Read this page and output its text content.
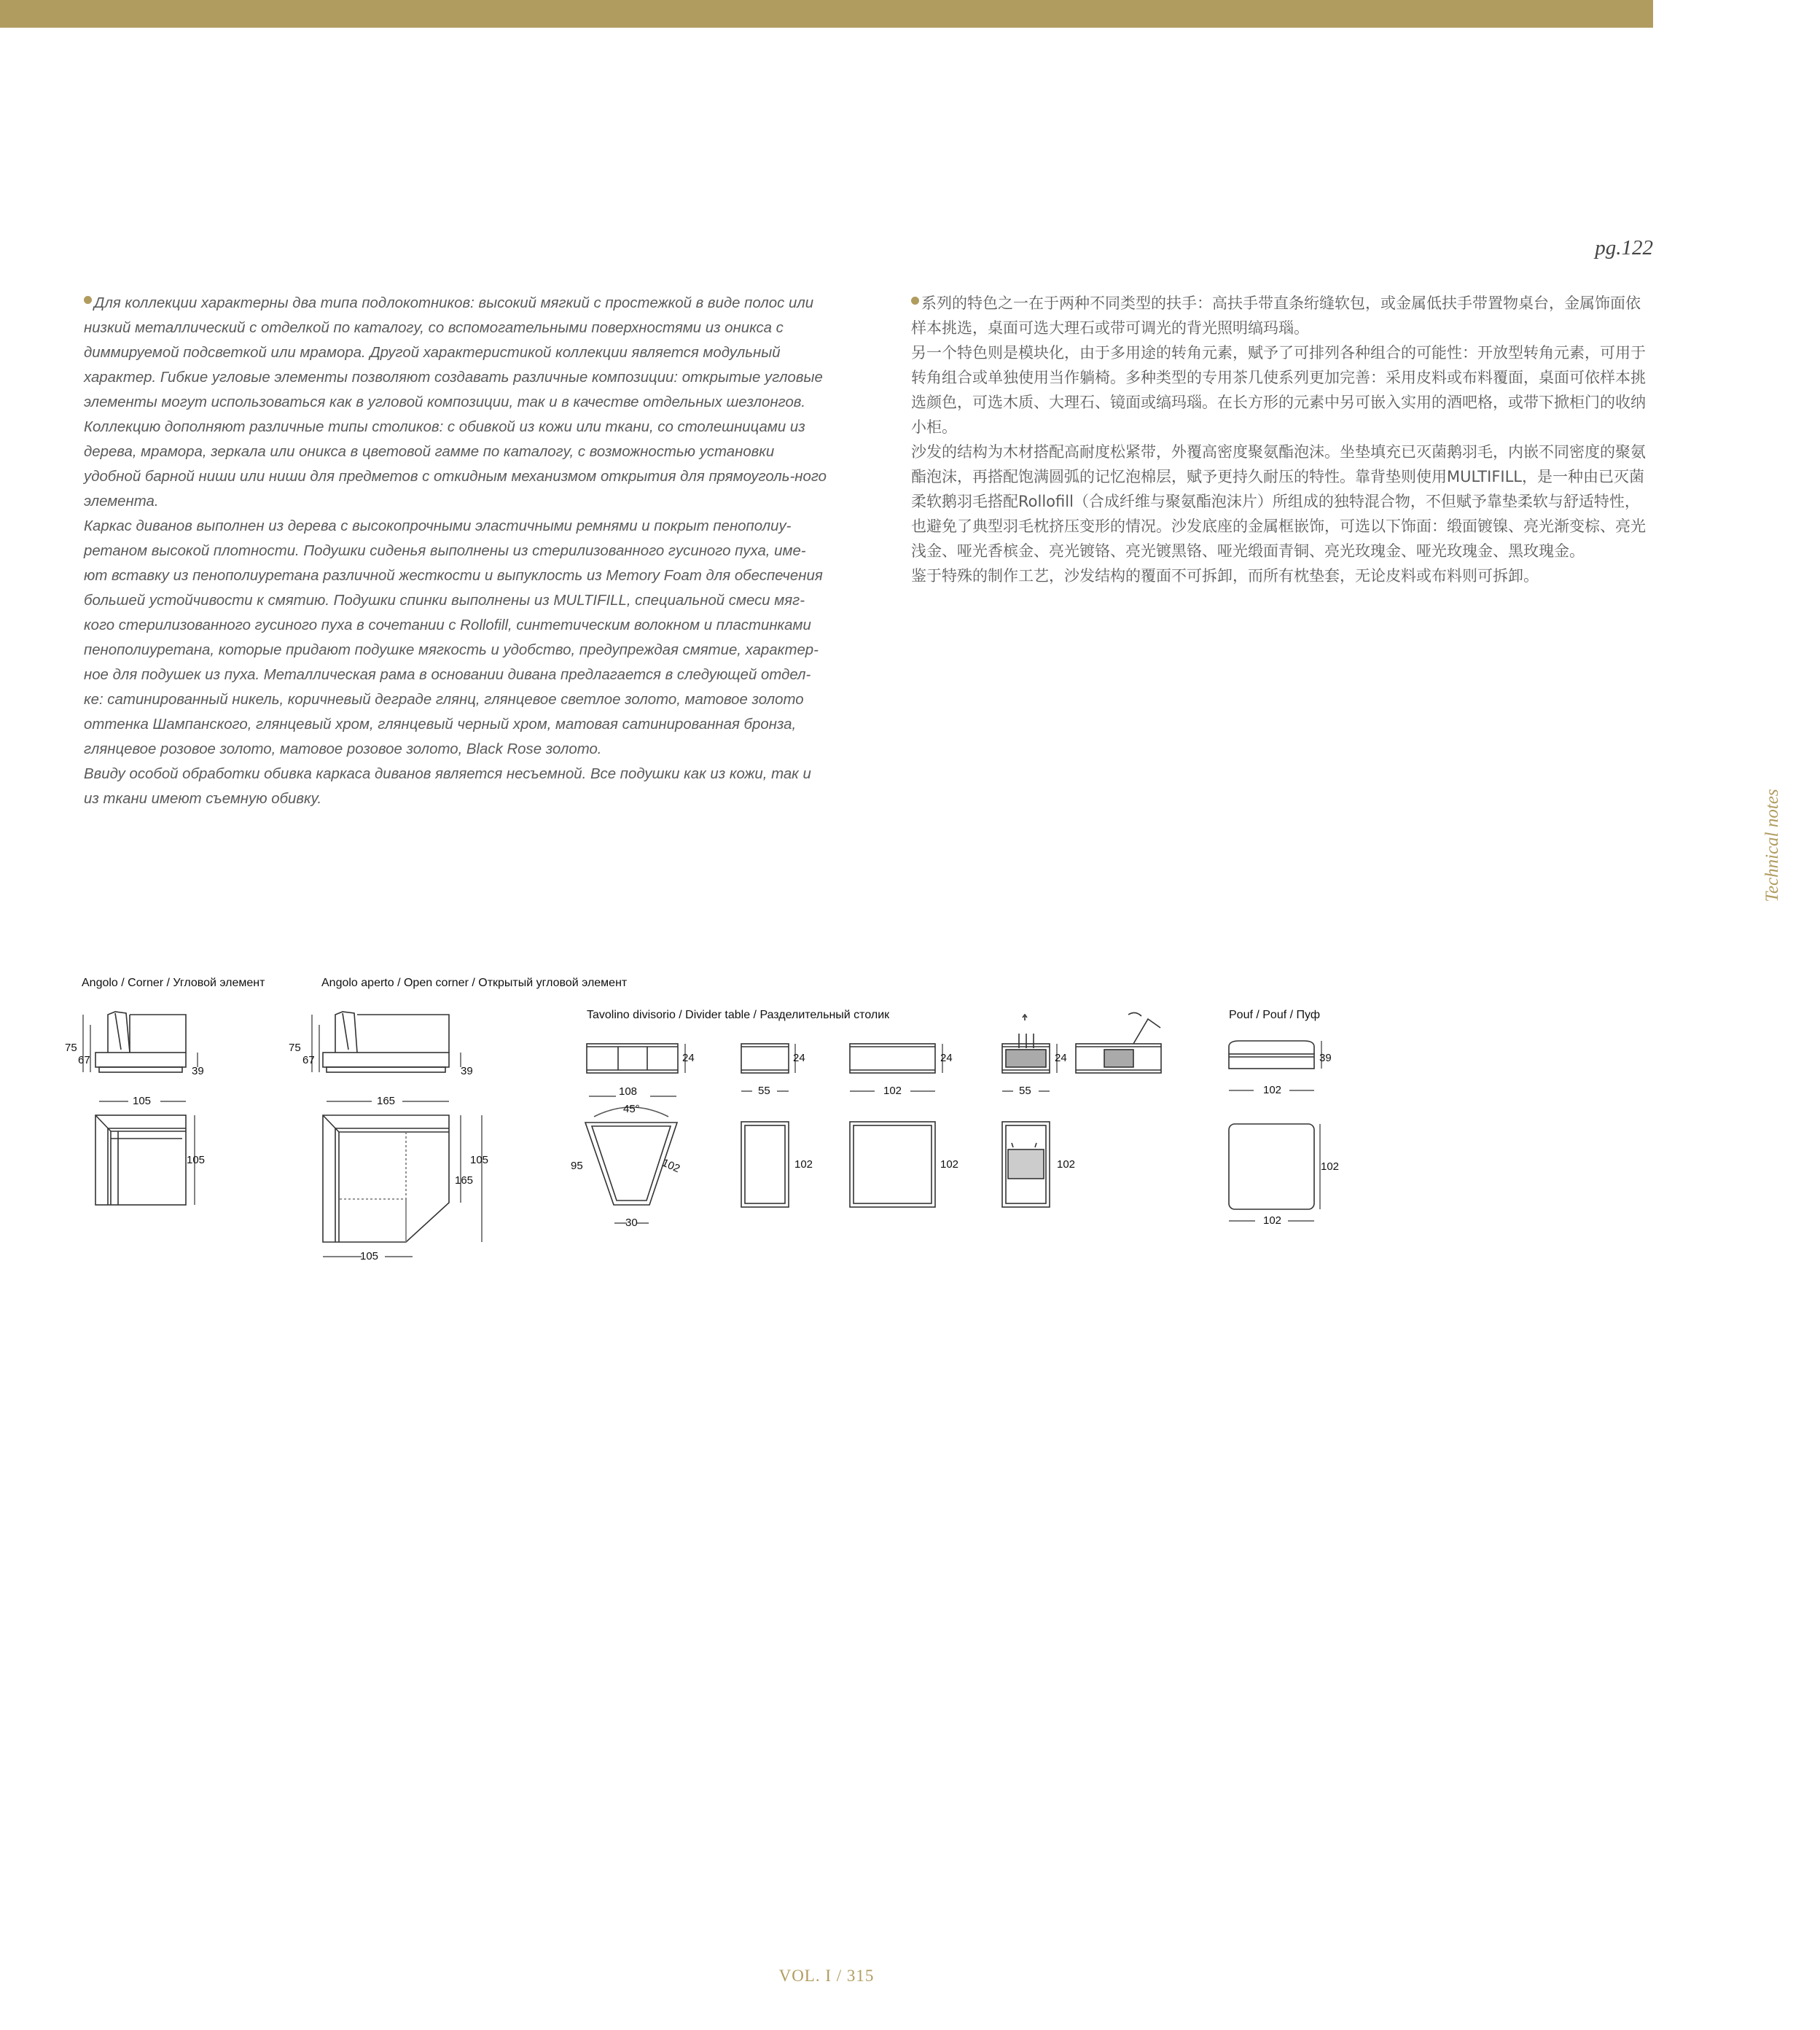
pg.122

Для коллекции характерны два типа подлокотников: высокий мягкий с простежкой в виде полос или низкий металлический с отделкой по каталогу, со вспомогательными поверхностями из оникса с диммируемой подсветкой или мрамора. Другой характеристикой коллекции является модульный характер. Гибкие угловые элементы позволяют создавать различные композиции: открытые угловые элементы могут использоваться как в угловой композиции, так и в качестве отдельных шезлонгов.

Коллекцию дополняют различные типы столиков: с обивкой из кожи или ткани, со столешницами из дерева, мрамора, зеркала или оникса в цветовой гамме по каталогу, с возможностью установки удобной барной ниши или ниши для предметов с откидным механизмом открытия для прямоуголь-ного элемента.

Каркас диванов выполнен из дерева с высокопрочными эластичными ремнями и покрыт пенополиу-ретаном высокой плотности. Подушки сиденья выполнены из стерилизованного гусиного пуха, име-ют вставку из пенополиуретана различной жесткости и выпуклость из Memory Foam для обеспечения большей устойчивости к смятию. Подушки спинки выполнены из MULTIFILL, специальной смеси мяг-кого стерилизованного гусиного пуха в сочетании с Rollofill, синтетическим волокном и пластинками пенополиуретана, которые придают подушке мягкость и удобство, предупреждая смятие, характер-ное для подушек из пуха. Металлическая рама в основании дивана предлагается в следующей отдел-ке: сатинированный никель, коричневый деграде глянц, глянцевое светлое золото, матовое золото оттенка Шампанского, глянцевый хром, глянцевый черный хром, матовая сатинированная бронза, глянцевое розовое золото, матовое розовое золото, Black Rose золото.

Ввиду особой обработки обивка каркаса диванов является несъемной. Все подушки как из кожи, так и из ткани имеют съемную обивку.

系列的特色之一在于两种不同类型的扶手：高扶手带直条绗缝软包，或金属低扶手带置物桌台，金属饰面依样本挑选，桌面可选大理石或带可调光的背光照明缟玛瑙。

另一个特色则是模块化，由于多用途的转角元素，赋予了可排列各种组合的可能性：开放型转角元素，可用于转角组合或单独使用当作躺椅。多种类型的专用茶几使系列更加完善：采用皮料或布料覆面，桌面可依样本挑选颜色，可选木质、大理石、镜面或缟玛瑙。在长方形的元素中另可嵌入实用的酒吧格，或带下掀柜门的收纳小柜。

沙发的结构为木材搭配高耐度松紧带，外覆高密度聚氨酯泡沫。坐垫填充已灭菌鹅羽毛，内嵌不同密度的聚氨酯泡沫，再搭配饱满圆弧的记忆泡棉层，赋予更持久耐压的特性。靠背垫则使用MULTIFILL，是一种由已灭菌柔软鹅羽毛搭配Rollofill（合成纤维与聚氨酯泡沫片）所组成的独特混合物，不但赋予靠垫柔软与舒适特性，也避免了典型羽毛枕挤压变形的情况。沙发底座的金属框嵌饰，可选以下饰面：缎面镀镍、亮光渐变棕、亮光浅金、哑光香槟金、亮光镀铬、亮光镀黑铬、哑光缎面青铜、亮光玫瑰金、哑光玫瑰金、黑玫瑰金。

鉴于特殊的制作工艺，沙发结构的覆面不可拆卸，而所有枕垫套，无论皮料或布料则可拆卸。

Technical notes
Angolo / Corner / Угловой элемент	Angolo aperto / Open corner / Открытый угловой элемент
Tavolino divisorio / Divider table / Разделительный столик	Pouf / Pouf / Пуф
75
67
39
105
105
75
67
39
165
105
165
105
24
108
45°
95	102
30
24
55
102
24
102
102
24
55
102
39
102
102
102
VOL. I / 315
